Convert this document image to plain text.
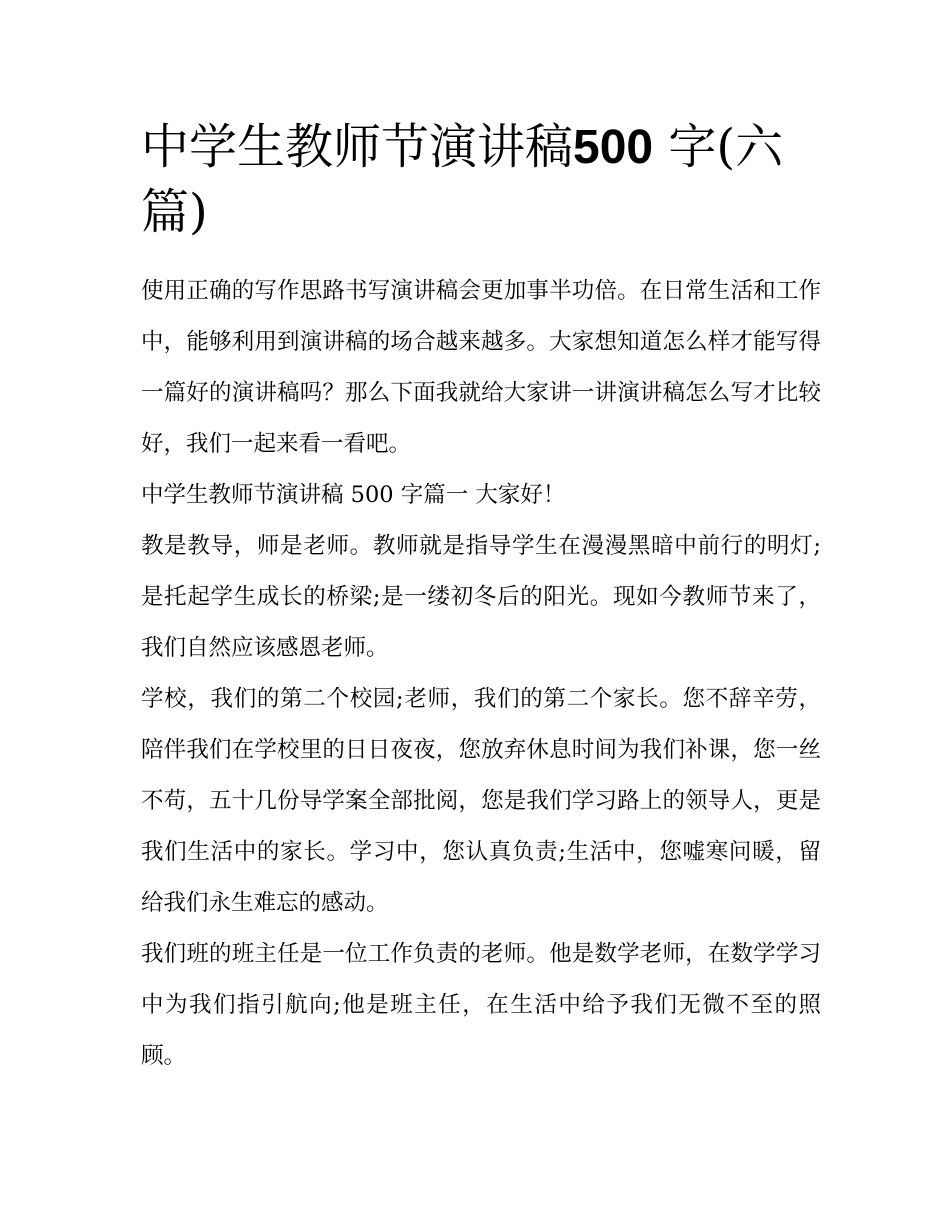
中学生教师节演讲稿500 字(六篇)

使用正确的写作思路书写演讲稿会更加事半功倍。在日常生活和工作中，能够利用到演讲稿的场合越来越多。大家想知道怎么样才能写得一篇好的演讲稿吗？那么下面我就给大家讲一讲演讲稿怎么写才比较好，我们一起来看一看吧。

中学生教师节演讲稿 500 字篇一 大家好！

教是教导，师是老师。教师就是指导学生在漫漫黑暗中前行的明灯;是托起学生成长的桥梁;是一缕初冬后的阳光。现如今教师节来了，我们自然应该感恩老师。

学校，我们的第二个校园;老师，我们的第二个家长。您不辞辛劳，陪伴我们在学校里的日日夜夜，您放弃休息时间为我们补课，您一丝不苟，五十几份导学案全部批阅，您是我们学习路上的领导人，更是我们生活中的家长。学习中，您认真负责;生活中，您嘘寒问暖，留给我们永生难忘的感动。

我们班的班主任是一位工作负责的老师。他是数学老师，在数学学习中为我们指引航向;他是班主任，在生活中给予我们无微不至的照顾。
